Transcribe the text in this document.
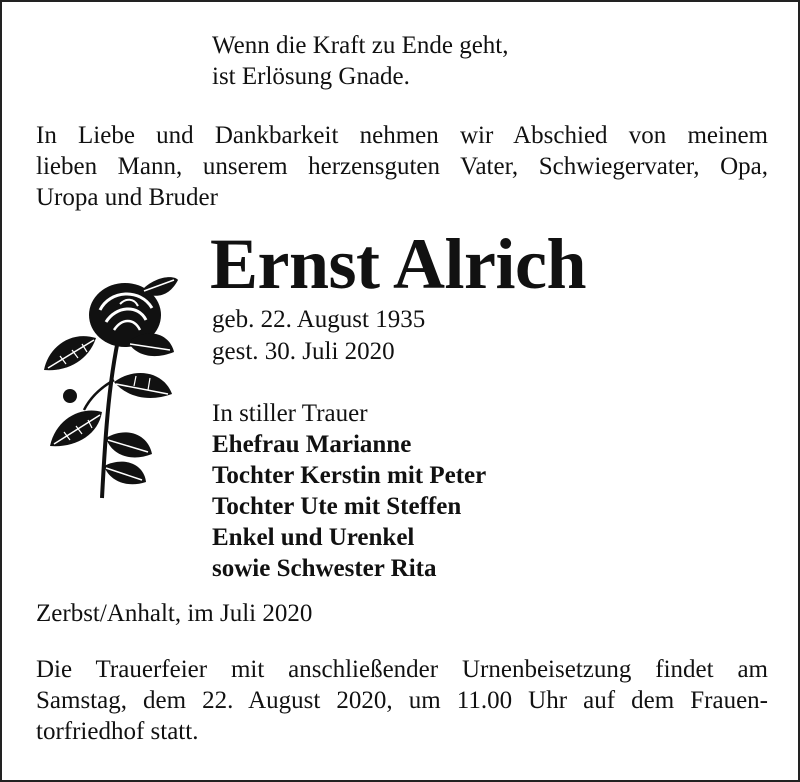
Wenn die Kraft zu Ende geht,
ist Erlösung Gnade.
In Liebe und Dankbarkeit nehmen wir Abschied von meinem
lieben Mann, unserem herzensguten Vater, Schwiegervater, Opa,
Uropa und Bruder
Ernst Alrich
geb. 22. August 1935
gest. 30. Juli 2020
In stiller Trauer
Ehefrau Marianne
Tochter Kerstin mit Peter
Tochter Ute mit Steffen
Enkel und Urenkel
sowie Schwester Rita
Zerbst/Anhalt, im Juli 2020
Die Trauerfeier mit anschließender Urnenbeisetzung findet am
Samstag, dem 22. August 2020, um 11.00 Uhr auf dem Frauen-
torfriedhof statt.
